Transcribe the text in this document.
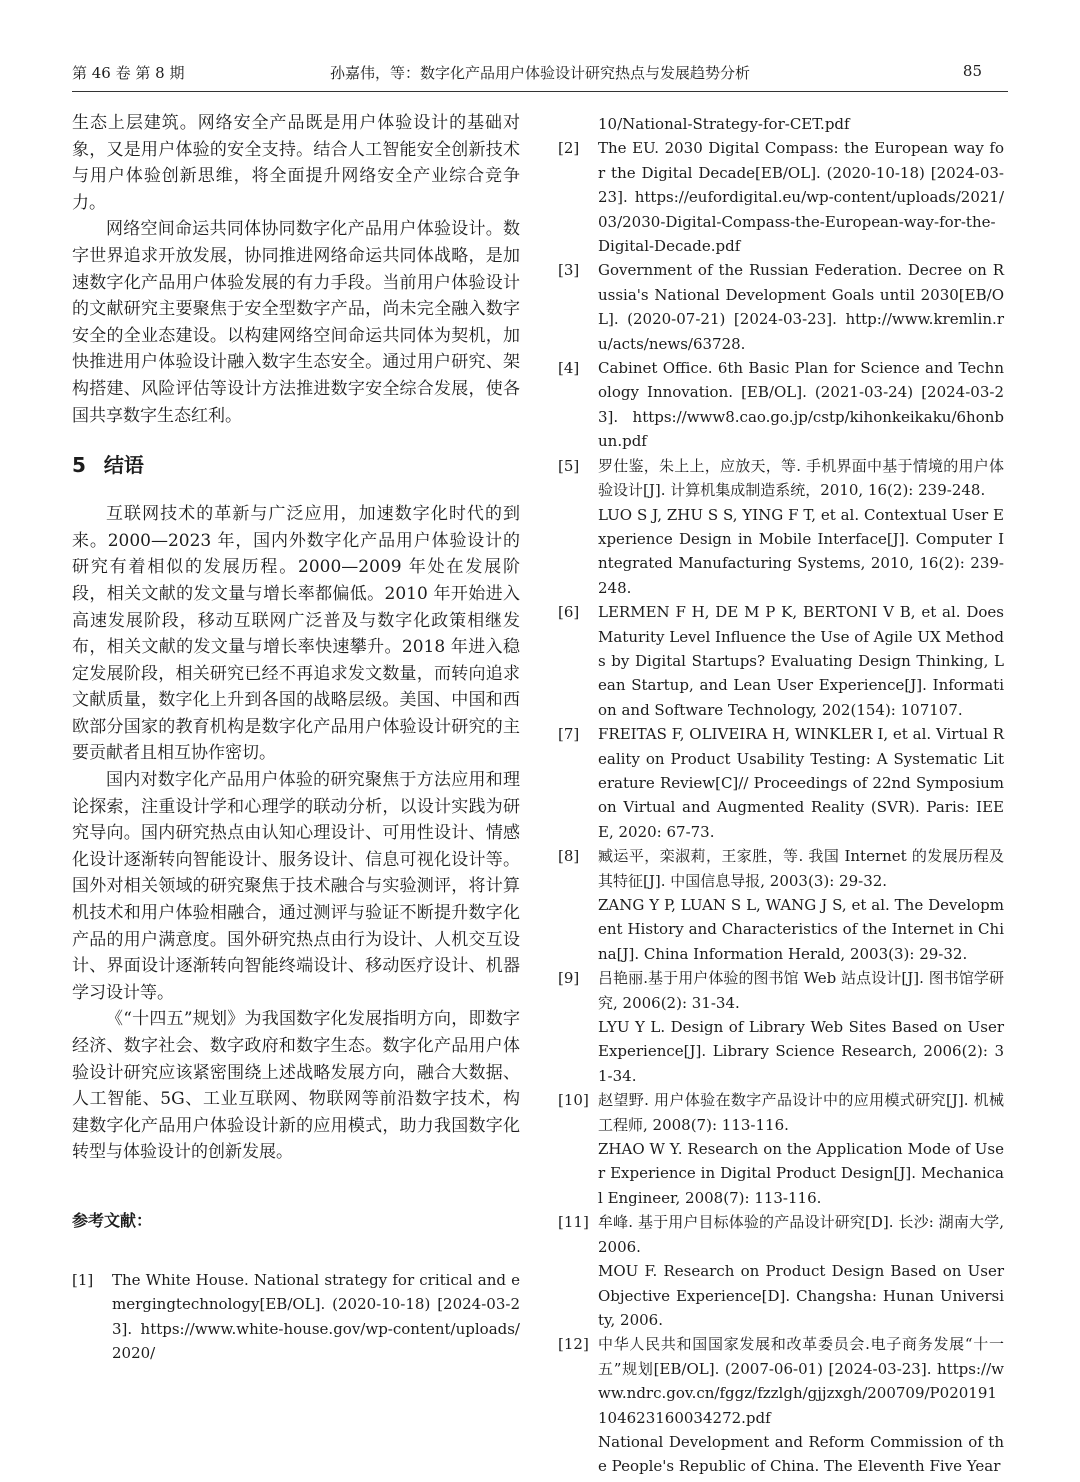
第 46 卷 第 8 期	孙嘉伟，等：数字化产品用户体验设计研究热点与发展趋势分析	85

生态上层建筑。网络安全产品既是用户体验设计的基础对象，又是用户体验的安全支持。结合人工智能安全创新技术与用户体验创新思维，将全面提升网络安全产业综合竞争力。

网络空间命运共同体协同数字化产品用户体验设计。数字世界追求开放发展，协同推进网络命运共同体战略，是加速数字化产品用户体验发展的有力手段。当前用户体验设计的文献研究主要聚焦于安全型数字产品，尚未完全融入数字安全的全业态建设。以构建网络空间命运共同体为契机，加快推进用户体验设计融入数字生态安全。通过用户研究、架构搭建、风险评估等设计方法推进数字安全综合发展，使各国共享数字生态红利。

5 结语

互联网技术的革新与广泛应用，加速数字化时代的到来。2000—2023 年，国内外数字化产品用户体验设计的研究有着相似的发展历程。2000—2009 年处在发展阶段，相关文献的发文量与增长率都偏低。2010 年开始进入高速发展阶段，移动互联网广泛普及与数字化政策相继发布，相关文献的发文量与增长率快速攀升。2018 年进入稳定发展阶段，相关研究已经不再追求发文数量，而转向追求文献质量，数字化上升到各国的战略层级。美国、中国和西欧部分国家的教育机构是数字化产品用户体验设计研究的主要贡献者且相互协作密切。

国内对数字化产品用户体验的研究聚焦于方法应用和理论探索，注重设计学和心理学的联动分析，以设计实践为研究导向。国内研究热点由认知心理设计、可用性设计、情感化设计逐渐转向智能设计、服务设计、信息可视化设计等。国外对相关领域的研究聚焦于技术融合与实验测评，将计算机技术和用户体验相融合，通过测评与验证不断提升数字化产品的用户满意度。国外研究热点由行为设计、人机交互设计、界面设计逐渐转向智能终端设计、移动医疗设计、机器学习设计等。

《“十四五”规划》为我国数字化发展指明方向，即数字经济、数字社会、数字政府和数字生态。数字化产品用户体验设计研究应该紧密围绕上述战略发展方向，融合大数据、人工智能、5G、工业互联网、物联网等前沿数字技术，构建数字化产品用户体验设计新的应用模式，助力我国数字化转型与体验设计的创新发展。

参考文献：
[1]	The White House. National strategy for critical and emergingtechnology[EB/OL]. (2020-10-18) [2024-03-23]. https://www.white-house.gov/wp-content/uploads/2020/
10/National-Strategy-for-CET.pdf
[2]	The EU. 2030 Digital Compass: the European way for the Digital Decade[EB/OL]. (2020-10-18) [2024-03-23]. https://eufordigital.eu/wp-content/uploads/2021/03/2030-Digital-Compass-the-European-way-for-the-Digital-Decade.pdf
[3]	Government of the Russian Federation. Decree on Russia's National Development Goals until 2030[EB/OL]. (2020-07-21) [2024-03-23]. http://www.kremlin.ru/acts/news/63728.
[4]	Cabinet Office. 6th Basic Plan for Science and Technology Innovation. [EB/OL]. (2021-03-24) [2024-03-23]. https://www8.cao.go.jp/cstp/kihonkeikaku/6honbun.pdf
[5]	罗仕鉴，朱上上，应放天，等. 手机界面中基于情境的用户体验设计[J]. 计算机集成制造系统，2010, 16(2): 239-248.
LUO S J, ZHU S S, YING F T, et al. Contextual User Experience Design in Mobile Interface[J]. Computer Integrated Manufacturing Systems, 2010, 16(2): 239-248.
[6]	LERMEN F H, DE M P K, BERTONI V B, et al. Does Maturity Level Influence the Use of Agile UX Methods by Digital Startups? Evaluating Design Thinking, Lean Startup, and Lean User Experience[J]. Information and Software Technology, 202(154): 107107.
[7]	FREITAS F, OLIVEIRA H, WINKLER I, et al. Virtual Reality on Product Usability Testing: A Systematic Literature Review[C]// Proceedings of 22nd Symposium on Virtual and Augmented Reality (SVR). Paris: IEEE, 2020: 67-73.
[8]	臧运平，栾淑莉，王家胜，等. 我国 Internet 的发展历程及其特征[J]. 中国信息导报, 2003(3): 29-32.
ZANG Y P, LUAN S L, WANG J S, et al. The Development History and Characteristics of the Internet in China[J]. China Information Herald, 2003(3): 29-32.
[9]	吕艳丽.基于用户体验的图书馆 Web 站点设计[J]. 图书馆学研究, 2006(2): 31-34.
LYU Y L. Design of Library Web Sites Based on User Experience[J]. Library Science Research, 2006(2): 31-34.
[10] 赵望野. 用户体验在数字产品设计中的应用模式研究[J]. 机械工程师, 2008(7): 113-116.
ZHAO W Y. Research on the Application Mode of User Experience in Digital Product Design[J]. Mechanical Engineer, 2008(7): 113-116.
[11] 牟峰. 基于用户目标体验的产品设计研究[D]. 长沙: 湖南大学, 2006.
MOU F. Research on Product Design Based on User Objective Experience[D]. Changsha: Hunan University, 2006.
[12] 中华人民共和国国家发展和改革委员会.电子商务发展“十一五”规划[EB/OL]. (2007-06-01) [2024-03-23]. https://www.ndrc.gov.cn/fggz/fzzlgh/gjjzxgh/200709/P020191104623160034272.pdf
National Development and Reform Commission of the People's Republic of China. The Eleventh Five Year
